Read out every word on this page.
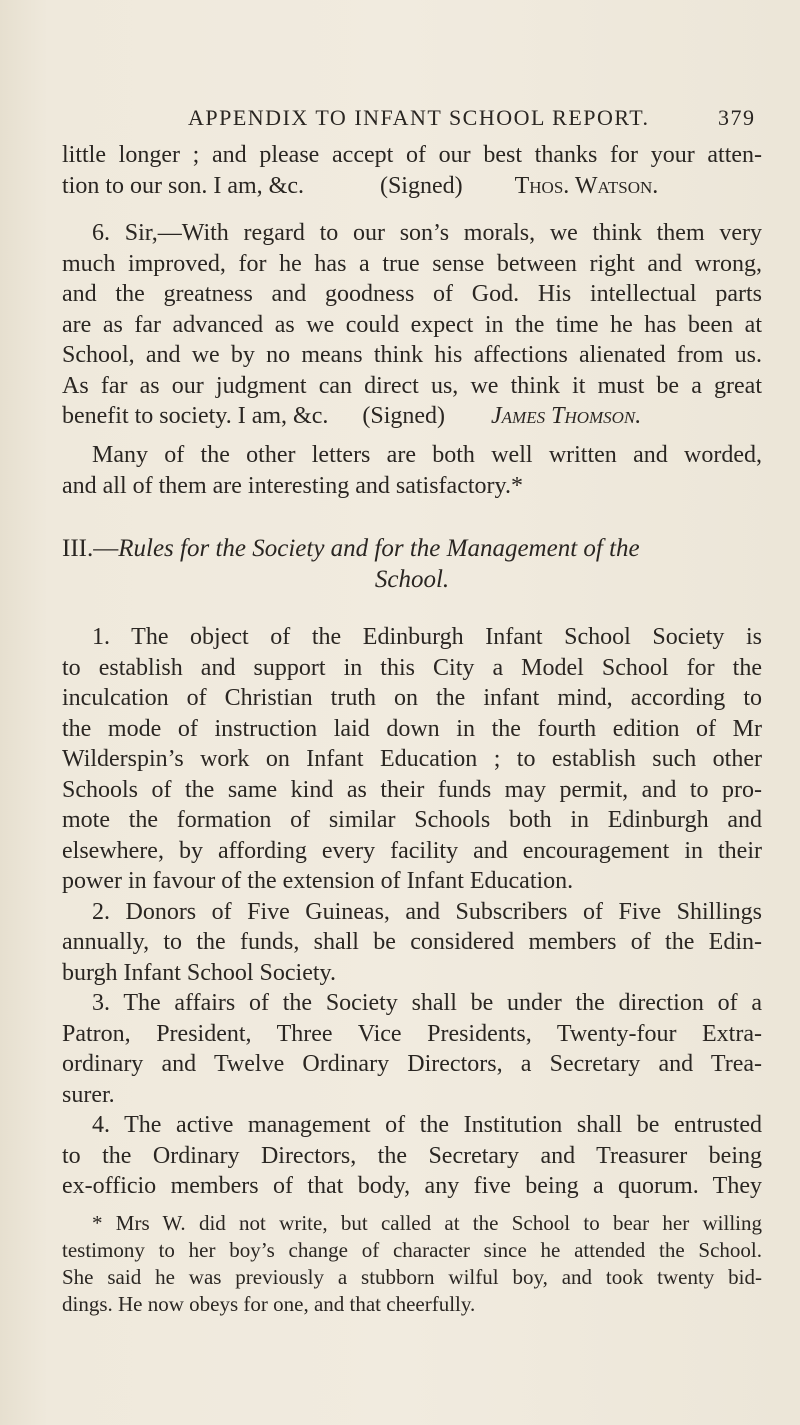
APPENDIX TO INFANT SCHOOL REPORT.	379

little longer ; and please accept of our best thanks for your atten-

tion to our son. I am, &c.	(Signed) Thos. Watson.

6. Sir,—With regard to our son’s morals, we think them very

much improved, for he has a true sense between right and wrong,

and the greatness and goodness of God. His intellectual parts

are as far advanced as we could expect in the time he has been at

School, and we by no means think his affections alienated from us.

As far as our judgment can direct us, we think it must be a great

benefit to society. I am, &c. (Signed) James Thomson.

Many of the other letters are both well written and worded,

and all of them are interesting and satisfactory.*

III.—Rules for the Society and for the Management of the
School.

1. The object of the Edinburgh Infant School Society is

to establish and support in this City a Model School for the

inculcation of Christian truth on the infant mind, according to

the mode of instruction laid down in the fourth edition of Mr

Wilderspin’s work on Infant Education ; to establish such other

Schools of the same kind as their funds may permit, and to pro-

mote the formation of similar Schools both in Edinburgh and

elsewhere, by affording every facility and encouragement in their

power in favour of the extension of Infant Education.

2. Donors of Five Guineas, and Subscribers of Five Shillings

annually, to the funds, shall be considered members of the Edin-

burgh Infant School Society.

3. The affairs of the Society shall be under the direction of a

Patron, President, Three Vice Presidents, Twenty-four Extra-

ordinary and Twelve Ordinary Directors, a Secretary and Trea-

surer.

4. The active management of the Institution shall be entrusted

to the Ordinary Directors, the Secretary and Treasurer being

ex-officio members of that body, any five being a quorum. They

* Mrs W. did not write, but called at the School to bear her willing

testimony to her boy’s change of character since he attended the School.

She said he was previously a stubborn wilful boy, and took twenty bid-

dings. He now obeys for one, and that cheerfully.
